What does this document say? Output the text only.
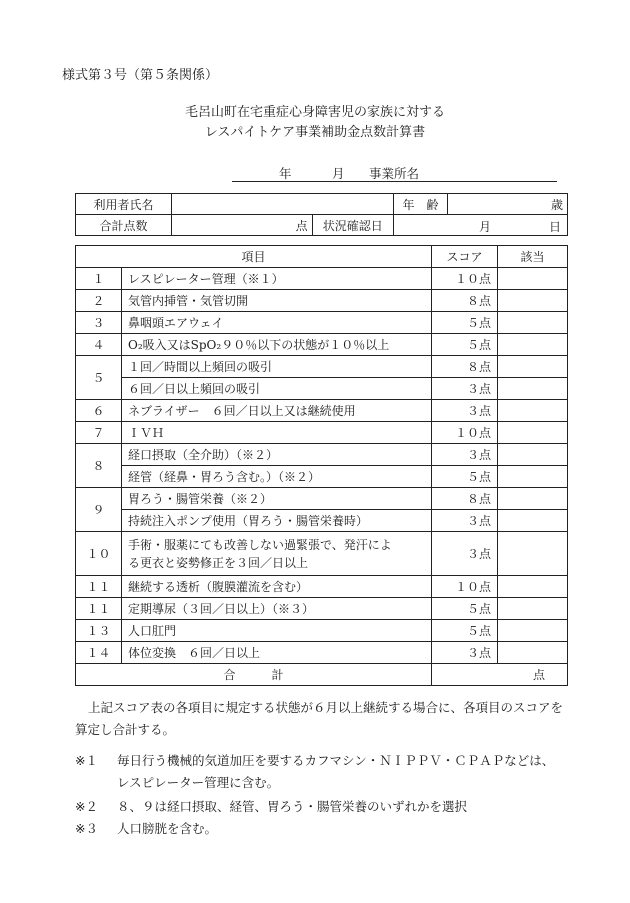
様式第３号（第５条関係）
毛呂山町在宅重症心身障害児の家族に対する
レスパイトケア事業補助金点数計算書
年	月 事業所名
利用者氏名			年　齢	歳
合計点数	点	状況確認日	月 日	
項目		スコア	該当
１	レスピレーター管理（※１）	１０点	
２	気管内挿管・気管切開	８点	
３	鼻咽頭エアウェイ	５点	
４	O₂吸入又はSpO₂９０％以下の状態が１０％以上	５点	
５	１回／時間以上頻回の吸引	８点	
	６回／日以上頻回の吸引	３点	
６	ネブライザー　６回／日以上又は継続使用	３点	
７	ＩＶＨ	１０点	
８	経口摂取（全介助）（※２）	３点	
	経管（経鼻・胃ろう含む。）（※２）	５点	
９	胃ろう・腸管栄養（※２）	８点	
	持続注入ポンプ使用（胃ろう・腸管栄養時）	３点	
１０	手術・服薬にても改善しない過緊張で、発汗によ
る更衣と姿勢修正を３回／日以上	３点	
１１	継続する透析（腹膜灌流を含む）	１０点	
１１	定期導尿（３回／日以上）（※３）	５点	
１３	人口肛門	５点	
１４	体位変換　６回／日以上	３点	
合　　　計		点	
上記スコア表の各項目に規定する状態が６月以上継続する場合に、各項目のスコアを算定し合計する。
※１ 毎日行う機械的気道加圧を要するカフマシン・ＮＩＰＰＶ・ＣＰＡＰなどは、
レスピレーター管理に含む。
※２ ８、９は経口摂取、経管、胃ろう・腸管栄養のいずれかを選択
※３ 人口膀胱を含む。
